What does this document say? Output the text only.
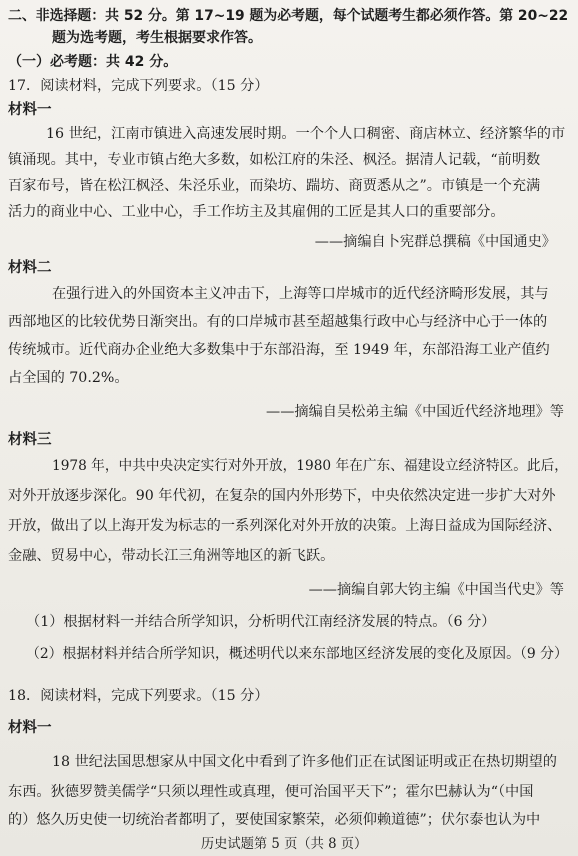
二、非选择题：共 52 分。第 17~19 题为必考题，每个试题考生都必须作答。第 20~22
题为选考题，考生根据要求作答。
（一）必考题：共 42 分。
17．阅读材料，完成下列要求。（15 分）
材料一
16 世纪，江南市镇进入高速发展时期。一个个人口稠密、商店林立、经济繁华的市
镇涌现。其中，专业市镇占绝大多数，如松江府的朱泾、枫泾。据清人记载，“前明数
百家布号，皆在松江枫泾、朱泾乐业，而染坊、踹坊、商贾悉从之”。市镇是一个充满
活力的商业中心、工业中心，手工作坊主及其雇佣的工匠是其人口的重要部分。
——摘编自卜宪群总撰稿《中国通史》
材料二
在强行进入的外国资本主义冲击下，上海等口岸城市的近代经济畸形发展，其与
西部地区的比较优势日渐突出。有的口岸城市甚至超越集行政中心与经济中心于一体的
传统城市。近代商办企业绝大多数集中于东部沿海，至 1949 年，东部沿海工业产值约
占全国的 70.2%。
——摘编自吴松弟主编《中国近代经济地理》等
材料三
1978 年，中共中央决定实行对外开放，1980 年在广东、福建设立经济特区。此后，
对外开放逐步深化。90 年代初，在复杂的国内外形势下，中央依然决定进一步扩大对外
开放，做出了以上海开发为标志的一系列深化对外开放的决策。上海日益成为国际经济、
金融、贸易中心，带动长江三角洲等地区的新飞跃。
——摘编自郭大钧主编《中国当代史》等
（1）根据材料一并结合所学知识，分析明代江南经济发展的特点。（6 分）
（2）根据材料并结合所学知识，概述明代以来东部地区经济发展的变化及原因。（9 分）
18．阅读材料，完成下列要求。（15 分）
材料一
18 世纪法国思想家从中国文化中看到了许多他们正在试图证明或正在热切期望的
东西。狄德罗赞美儒学“只须以理性或真理，便可治国平天下”；霍尔巴赫认为“（中国
的）悠久历史使一切统治者都明了，要使国家繁荣，必须仰赖道德”；伏尔泰也认为中
历史试题第 5 页（共 8 页）
